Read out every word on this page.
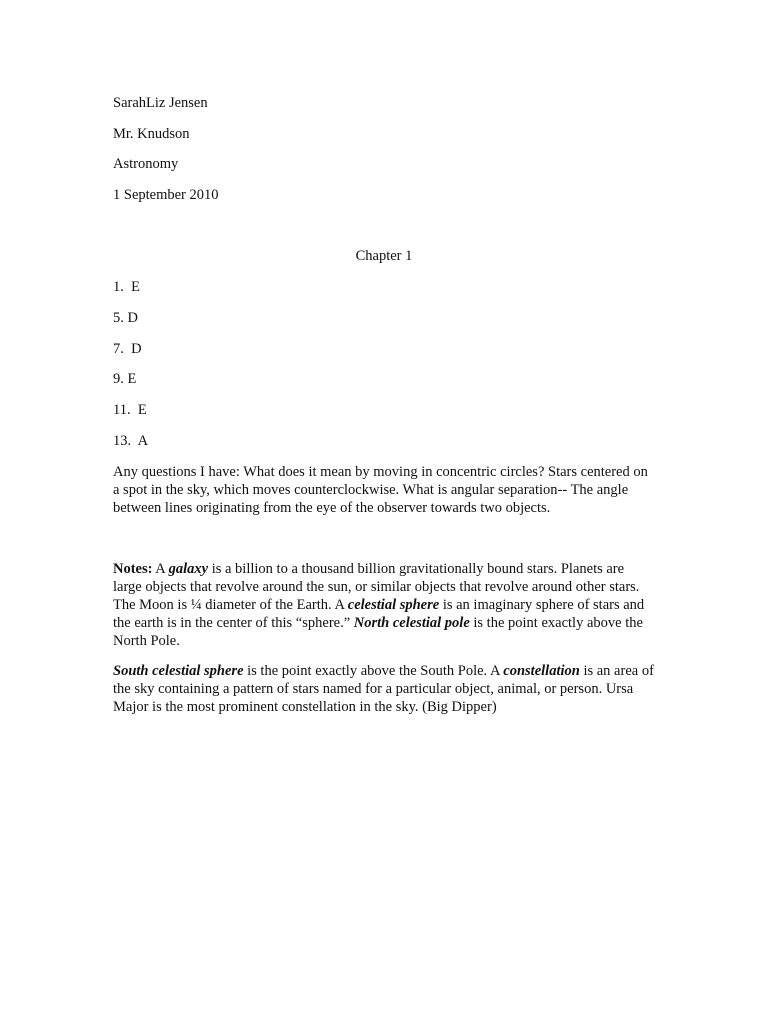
SarahLiz Jensen

Mr. Knudson

Astronomy

1 September 2010

Chapter 1

1.  E

5. D

7.  D

9. E

11.  E

13.  A

Any questions I have: What does it mean by moving in concentric circles? Stars centered on a spot in the sky, which moves counterclockwise. What is angular separation-- The angle between lines originating from the eye of the observer towards two objects.

Notes: A galaxy is a billion to a thousand billion gravitationally bound stars. Planets are large objects that revolve around the sun, or similar objects that revolve around other stars. The Moon is ¼ diameter of the Earth. A celestial sphere is an imaginary sphere of stars and the earth is in the center of this “sphere.” North celestial pole is the point exactly above the North Pole.

South celestial sphere is the point exactly above the South Pole. A constellation is an area of the sky containing a pattern of stars named for a particular object, animal, or person. Ursa Major is the most prominent constellation in the sky. (Big Dipper)
